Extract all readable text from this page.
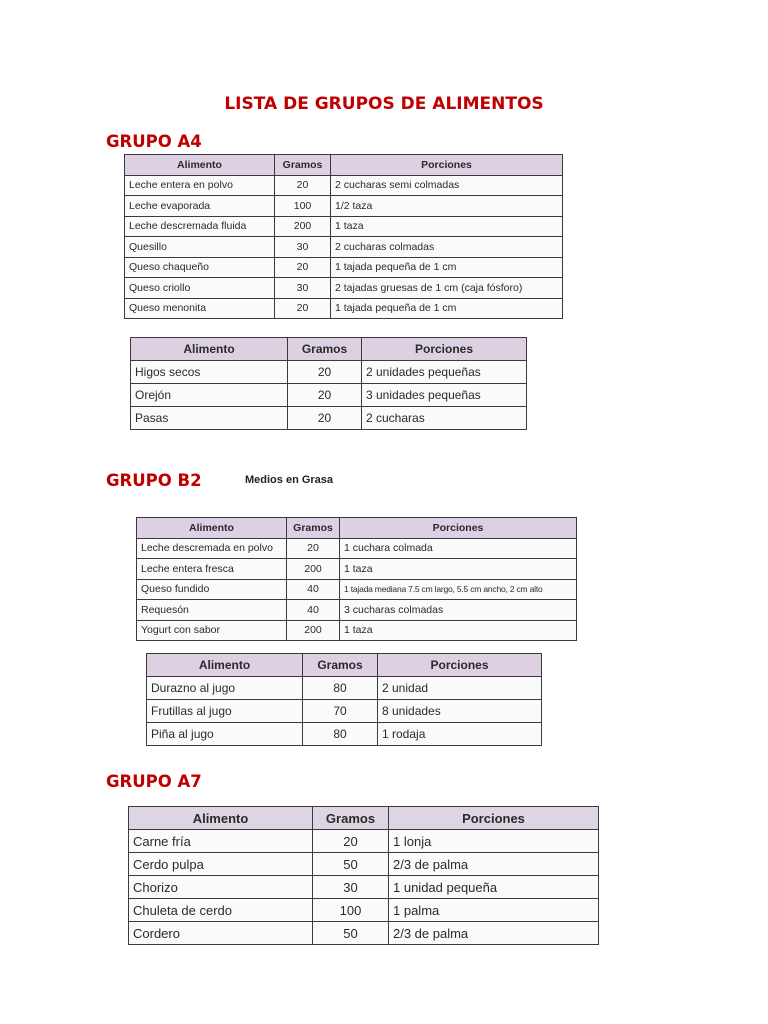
LISTA DE GRUPOS DE ALIMENTOS
GRUPO A4
Alimento	Gramos	Porciones
Leche entera en polvo	20	2 cucharas semi colmadas
Leche evaporada	100	1/2 taza
Leche descremada fluida	200	1 taza
Quesillo	30	2 cucharas colmadas
Queso chaqueño	20	1 tajada pequeña de 1 cm
Queso criollo	30	2 tajadas gruesas de 1 cm (caja fósforo)
Queso menonita	20	1 tajada pequeña de 1 cm
Alimento	Gramos	Porciones
Higos secos	20	2 unidades pequeñas
Orejón	20	3 unidades pequeñas
Pasas	20	2 cucharas
GRUPO B2	Medios en Grasa
Alimento	Gramos	Porciones
Leche descremada en polvo	20	1 cuchara colmada
Leche entera fresca	200	1 taza
Queso fundido	40	1 tajada mediana 7.5 cm largo, 5.5 cm ancho, 2 cm alto
Requesón	40	3 cucharas colmadas
Yogurt con sabor	200	1 taza
Alimento	Gramos	Porciones
Durazno al jugo	80	2 unidad
Frutillas al jugo	70	8 unidades
Piña al jugo	80	1 rodaja
GRUPO A7
Alimento	Gramos	Porciones
Carne fría	20	1 lonja
Cerdo pulpa	50	2/3 de palma
Chorizo	30	1 unidad pequeña
Chuleta de cerdo	100	1 palma
Cordero	50	2/3 de palma
